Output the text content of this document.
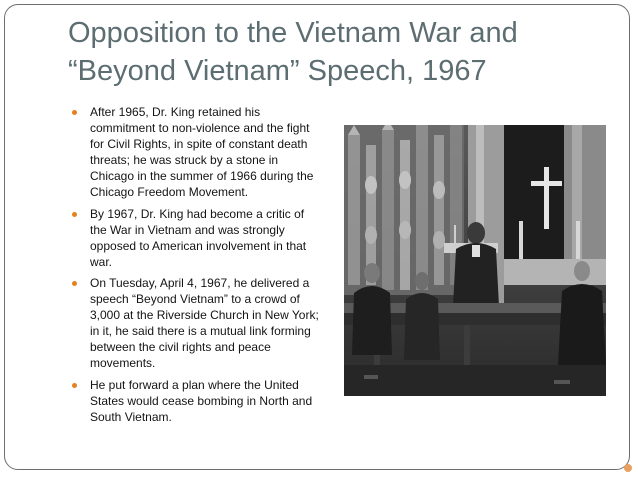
Opposition to the Vietnam War and
“Beyond Vietnam” Speech, 1967
After 1965, Dr. King retained his commitment to non-violence and the fight for Civil Rights, in spite of constant death threats; he was struck by a stone in Chicago in the summer of 1966 during the Chicago Freedom Movement.
By 1967, Dr. King had become a critic of the War in Vietnam and was strongly opposed to American involvement in that war.
On Tuesday, April 4, 1967, he delivered a speech “Beyond Vietnam” to a crowd of 3,000 at the Riverside Church in New York; in it, he said there is a mutual link forming between the civil rights and peace movements.
He put forward a plan where the United States would cease bombing in North and South Vietnam.
